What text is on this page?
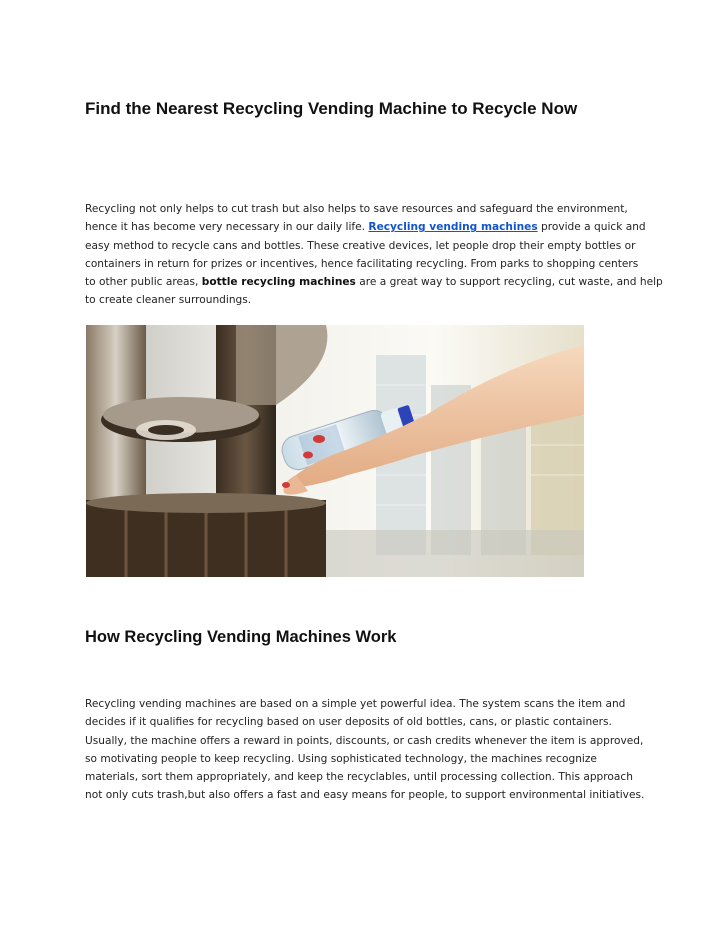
Find the Nearest Recycling Vending Machine to Recycle Now
Recycling not only helps to cut trash but also helps to save resources and safeguard the environment,
hence it has become very necessary in our daily life. Recycling vending machines provide a quick and
easy method to recycle cans and bottles. These creative devices, let people drop their empty bottles or
containers in return for prizes or incentives, hence facilitating recycling. From parks to shopping centers
to other public areas, bottle recycling machines are a great way to support recycling, cut waste, and help
to create cleaner surroundings.
How Recycling Vending Machines Work
Recycling vending machines are based on a simple yet powerful idea. The system scans the item and
decides if it qualifies for recycling based on user deposits of old bottles, cans, or plastic containers.
Usually, the machine offers a reward in points, discounts, or cash credits whenever the item is approved,
so motivating people to keep recycling. Using sophisticated technology, the machines recognize
materials, sort them appropriately, and keep the recyclables, until processing collection. This approach
not only cuts trash,but also offers a fast and easy means for people, to support environmental initiatives.
